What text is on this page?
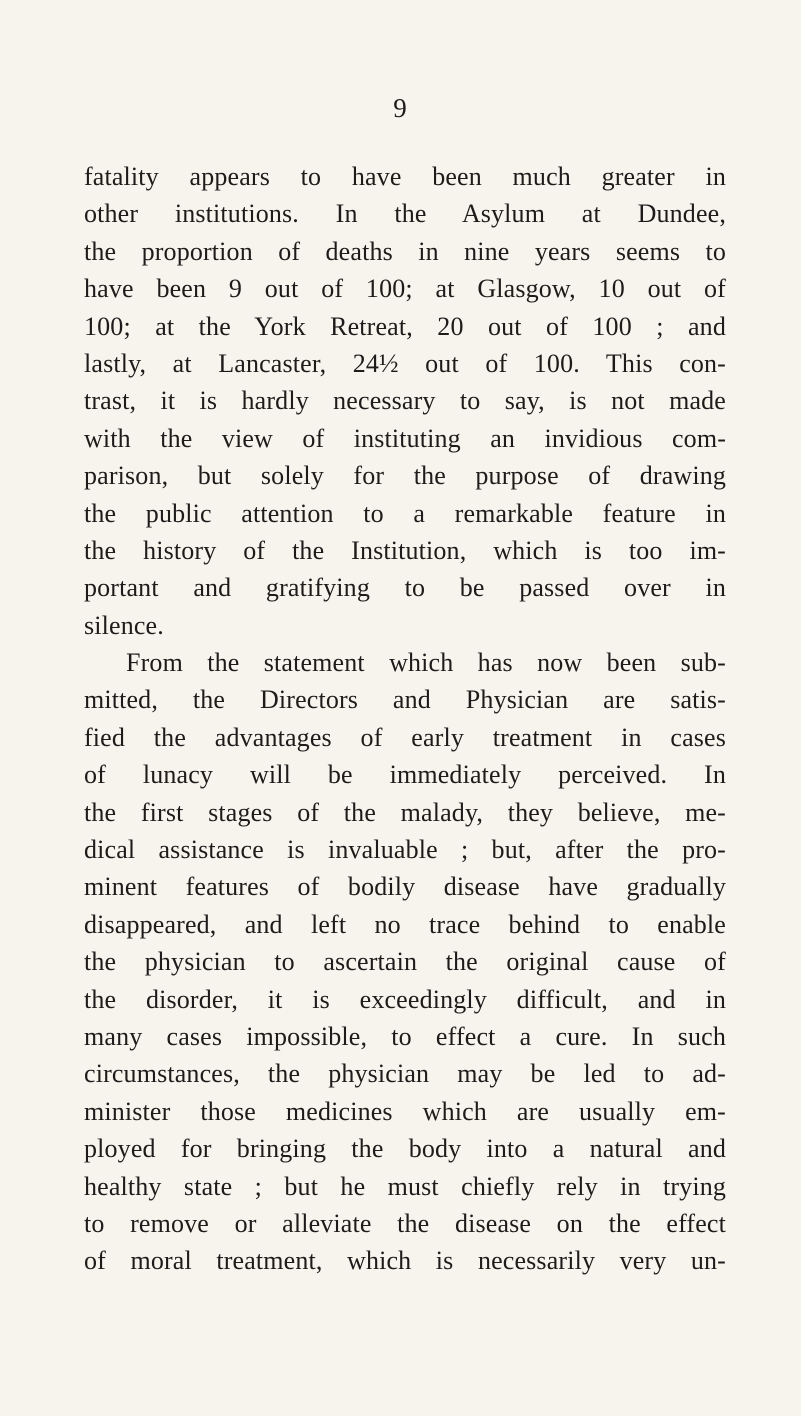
9
fatality appears to have been much greater in
other institutions. In the Asylum at Dundee,
the proportion of deaths in nine years seems to
have been 9 out of 100; at Glasgow, 10 out of
100; at the York Retreat, 20 out of 100 ; and
lastly, at Lancaster, 24½ out of 100. This con-
trast, it is hardly necessary to say, is not made
with the view of instituting an invidious com-
parison, but solely for the purpose of drawing
the public attention to a remarkable feature in
the history of the Institution, which is too im-
portant and gratifying to be passed over in
silence.
From the statement which has now been sub-
mitted, the Directors and Physician are satis-
fied the advantages of early treatment in cases
of lunacy will be immediately perceived. In
the first stages of the malady, they believe, me-
dical assistance is invaluable ; but, after the pro-
minent features of bodily disease have gradually
disappeared, and left no trace behind to enable
the physician to ascertain the original cause of
the disorder, it is exceedingly difficult, and in
many cases impossible, to effect a cure. In such
circumstances, the physician may be led to ad-
minister those medicines which are usually em-
ployed for bringing the body into a natural and
healthy state ; but he must chiefly rely in trying
to remove or alleviate the disease on the effect
of moral treatment, which is necessarily very un-
